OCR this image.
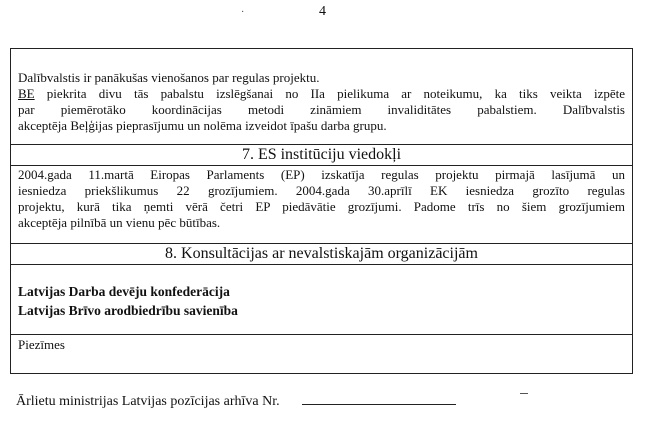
4
·
Dalībvalstis ir panākušas vienošanos par regulas projektu.
BE piekrita divu tās pabalstu izslēgšanai no IIa pielikuma ar noteikumu, ka tiks veikta izpēte
par piemērotāko koordinācijas metodi zināmiem invaliditātes pabalstiem. Dalībvalstis
akceptēja Beļģijas pieprasījumu un nolēma izveidot īpašu darba grupu.
7. ES institūciju viedokļi
2004.gada 11.martā Eiropas Parlaments (EP) izskatīja regulas projektu pirmajā lasījumā un
iesniedza priekšlikumus 22 grozījumiem. 2004.gada 30.aprīlī EK iesniedza grozīto regulas
projektu, kurā tika ņemti vērā četri EP piedāvātie grozījumi. Padome trīs no šiem grozījumiem
akceptēja pilnībā un vienu pēc būtības.
8. Konsultācijas ar nevalstiskajām organizācijām
Latvijas Darba devēju konfederācija
Latvijas Brīvo arodbiedrību savienība
Piezīmes
Ārlietu ministrijas Latvijas pozīcijas arhīva Nr.
